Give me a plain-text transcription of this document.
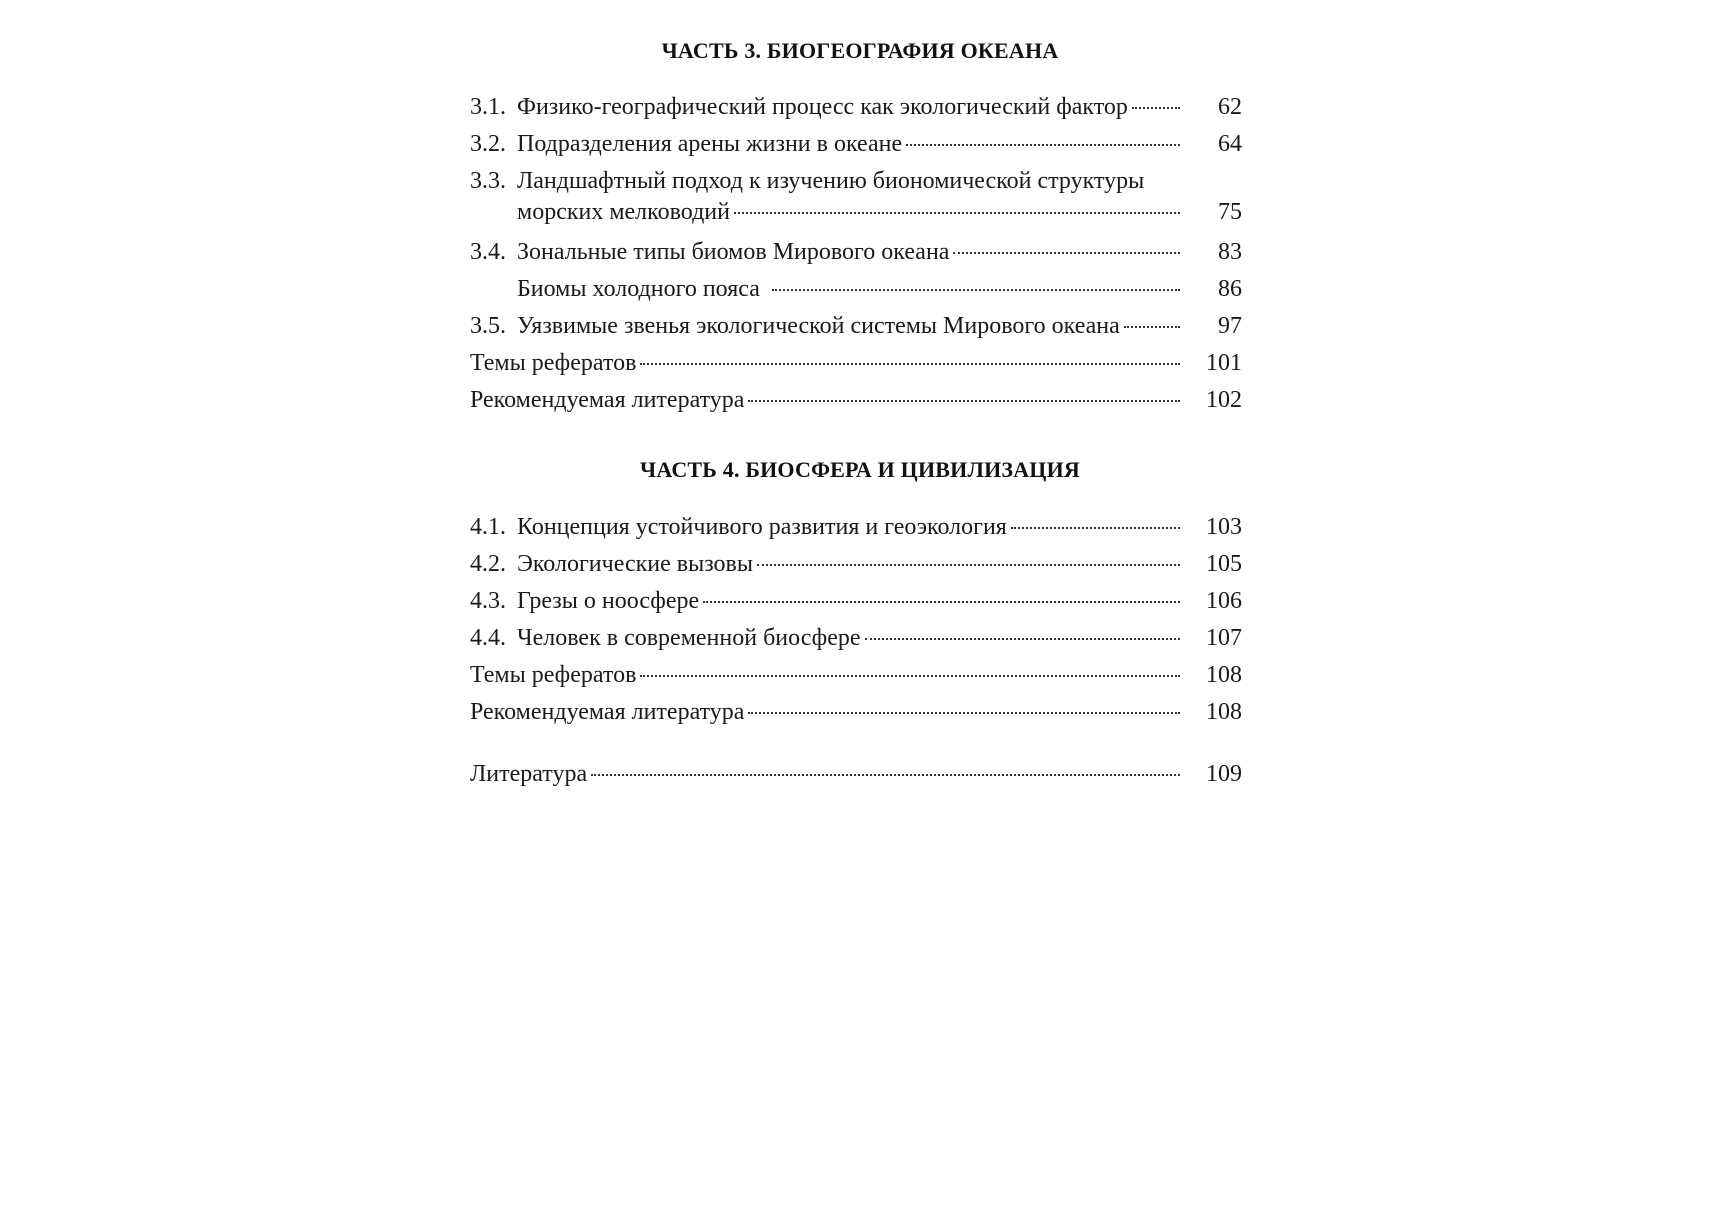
ЧАСТЬ 3. БИОГЕОГРАФИЯ ОКЕАНА
3.1. Физико-географический процесс как экологический фактор	62
3.2. Подразделения арены жизни в океане	64
3.3. Ландшафтный подход к изучению биономической структуры
морских мелководий	75
3.4. Зональные типы биомов Мирового океана	83
Биомы холодного пояса	86
3.5. Уязвимые звенья экологической системы Мирового океана	97
Темы рефератов	101
Рекомендуемая литература	102
ЧАСТЬ 4. БИОСФЕРА И ЦИВИЛИЗАЦИЯ
4.1. Концепция устойчивого развития и геоэкология	103
4.2. Экологические вызовы	105
4.3. Грезы о ноосфере	106
4.4. Человек в современной биосфере	107
Темы рефератов	108
Рекомендуемая литература	108
Литература	109
